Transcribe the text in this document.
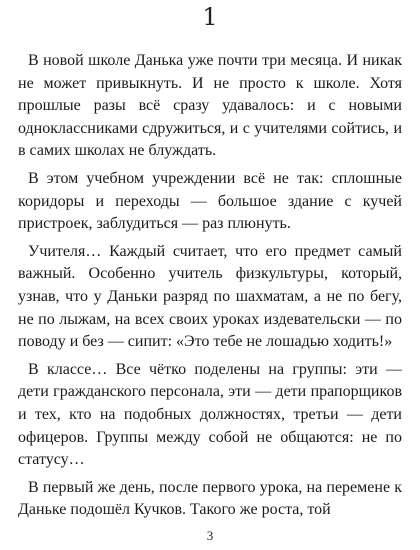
1

В новой школе Данька уже почти три месяца. И никак не может привыкнуть. И не просто к школе. Хотя прошлые разы всё сразу удавалось: и с новыми одноклассниками сдружиться, и с учителями сойтись, и в самих школах не блуждать.

В этом учебном учреждении всё не так: сплошные коридоры и переходы — большое здание с кучей пристроек, заблудиться — раз плюнуть.

Учителя… Каждый считает, что его предмет самый важный. Особенно учитель физкультуры, который, узнав, что у Даньки разряд по шахматам, а не по бегу, не по лыжам, на всех своих уроках издевательски — по поводу и без — сипит: «Это тебе не лошадью ходить!»

В классе… Все чётко поделены на группы: эти — дети гражданского персонала, эти — дети прапорщиков и тех, кто на подобных должностях, третьи — дети офицеров. Группы между собой не общаются: не по статусу…

В первый же день, после первого урока, на перемене к Даньке подошёл Кучков. Такого же роста, той

3
